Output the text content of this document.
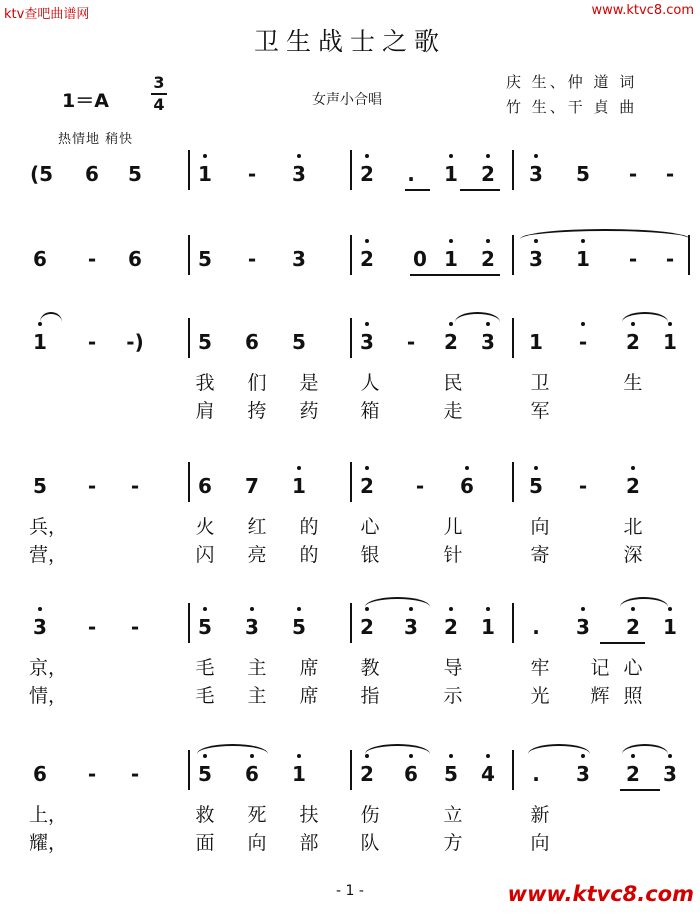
ktv查吧曲谱网	www.ktvc8.com
卫生战士之歌
1＝A
3
4	女声小合唱
庆 生、仲 道 词
竹 生、干 貞 曲
热情地 稍快
(5 6 5	1 - 3	2	.	1 2 3 5 - -
6 - 6	5 - 3	2 0 1 2 3 1 - -
1 - -)	5 6 5	3 - 2 3 1 - 2 1
我 们 是 人	民	卫	生
肩 挎 药 箱	走	军
5 - -	6 7 1	2 - 6	5 - 2
兵，	火 红 的 心	儿	向	北
营，	闪 亮 的 银	针	寄	深
3 - -	5 3 5	2 3 2 1	.	3 2 1
京，	毛 主 席 教	导	牢 记 心
情，	毛 主 席 指	示	光 辉 照
6 - -	5 6 1	2 6 5 4	.	3 2 3
上，	救 死 扶 伤	立	新
耀，	面 向 部 队	方	向
- 1 -	www.ktvc8.com
